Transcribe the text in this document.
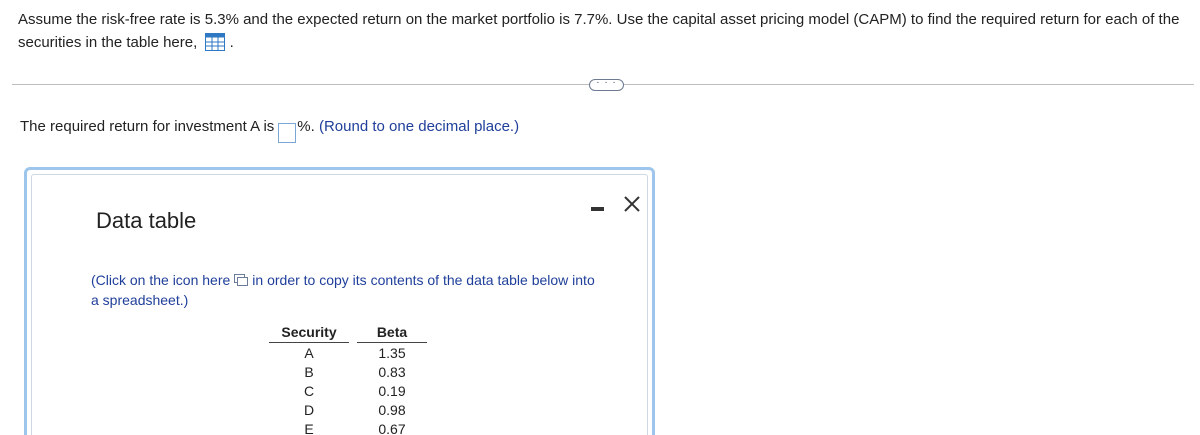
Assume the risk-free rate is 5.3% and the expected return on the market portfolio is 7.7%. Use the capital asset pricing model (CAPM) to find the required return for each of the securities in the table here, .
· · ·
The required return for investment A is %. (Round to one decimal place.)
Data table
(Click on the icon here in order to copy its contents of the data table below into a spreadsheet.)
Security		Beta
A		1.35
B		0.83
C		0.19
D		0.98
E		0.67
